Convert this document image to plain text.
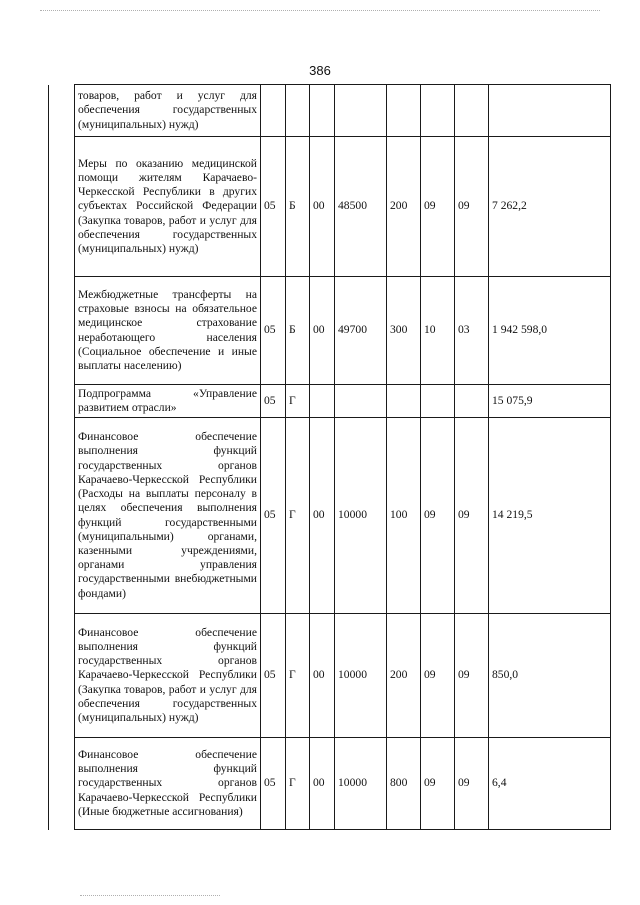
386
	товаров, работ и услуг для обеспечения государственных (муниципальных) нужд)								
	Меры по оказанию медицинской помощи жителям Карачаево-Черкесской Республики в других субъектах Российской Федерации (Закупка товаров, работ и услуг для обеспечения государственных (муниципальных) нужд)	05	Б	00	48500	200	09	09	7 262,2
	Межбюджетные трансферты на страховые взносы на обязательное медицинское страхование неработающего населения (Социальное обеспечение и иные выплаты населению)	05	Б	00	49700	300	10	03	1 942 598,0
	Подпрограмма «Управление развитием отрасли»	05	Г						15 075,9
	Финансовое обеспечение выполнения функций государственных органов Карачаево-Черкесской Республики (Расходы на выплаты персоналу в целях обеспечения выполнения функций государственными (муниципальными) органами, казенными учреждениями, органами управления государственными внебюджетными фондами)	05	Г	00	10000	100	09	09	14 219,5
	Финансовое обеспечение выполнения функций государственных органов Карачаево-Черкесской Республики (Закупка товаров, работ и услуг для обеспечения государственных (муниципальных) нужд)	05	Г	00	10000	200	09	09	850,0
	Финансовое обеспечение выполнения функций государственных органов Карачаево-Черкесской Республики (Иные бюджетные ассигнования)	05	Г	00	10000	800	09	09	6,4
